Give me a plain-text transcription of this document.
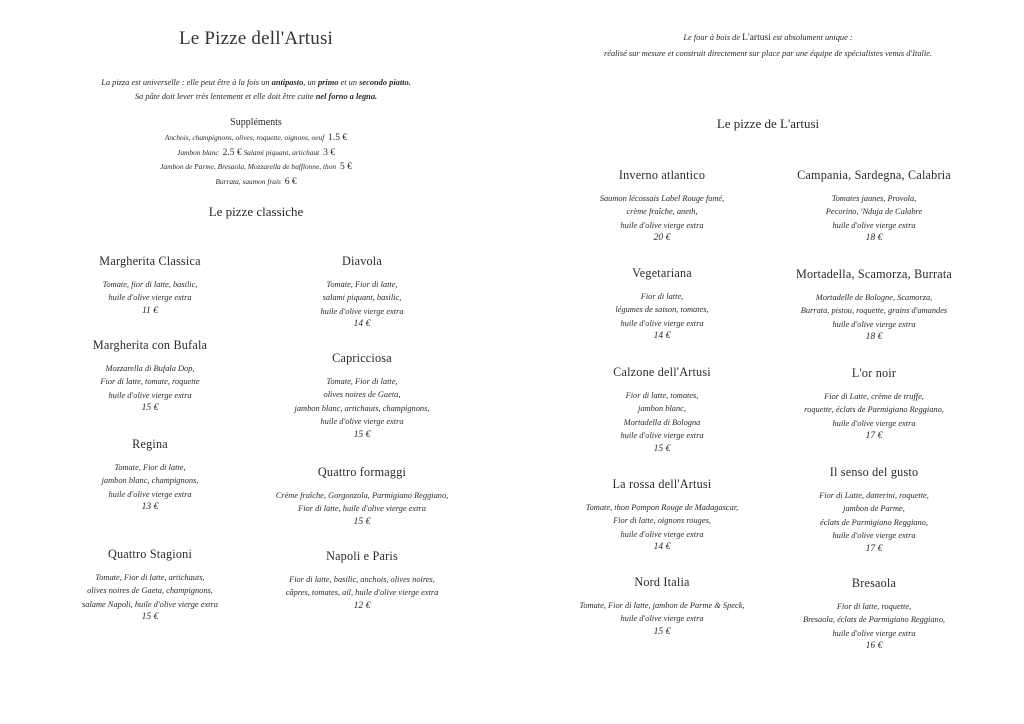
Le Pizze dell'Artusi
La pizza est universelle : elle peut être à la fois un antipasto, un primo et un secondo piatto.
Sa pâte doit lever très lentement et elle doit être cuite nel forno a legna.
Suppléments
Anchois, champignons, olives, roquette, oignons, oeuf 1.5 €
Jambon blanc 2.5 € Salami piquant, artichaut 3 €
Jambon de Parme, Bresaola, Mozzarella de bufflonne, thon 5 €
Burrata, saumon frais 6 €
Le pizze classiche
Margherita Classica
Tomate, fior di latte, basilic,
huile d'olive vierge extra
11 €
Diavola
Tomate, Fior di latte,
salami piquant, basilic,
huile d'olive vierge extra
14 €
Margherita con Bufala
Mozzarella di Bufala Dop,
Fior di latte, tomate, roquette
huile d'olive vierge extra
15 €
Capricciosa
Tomate, Fior di latte,
olives noires de Gaeta,
jambon blanc, artichauts, champignons,
huile d'olive vierge extra
15 €
Regina
Tomate, Fior di latte,
jambon blanc, champignons,
huile d'olive vierge extra
13 €
Quattro formaggi
Crème fraîche, Gorgonzola, Parmigiano Reggiano,
Fior di latte, huile d'olive vierge extra
15 €
Quattro Stagioni
Tomate, Fior di latte, artichauts,
olives noires de Gaeta, champignons,
salame Napoli, huile d'olive vierge extra
15 €
Napoli e Paris
Fior di latte, basilic, anchois, olives noires,
câpres, tomates, ail, huile d'olive vierge extra
12 €
Le four à bois de L'artusi est absolument unique :
réalisé sur mesure et construit directement sur place par une équipe de spécialistes venus d'Italie.
Le pizze de L'artusi
Inverno atlantico
Saumon lécossais Label Rouge fumé,
crème fraîche, aneth,
huile d'olive vierge extra
20 €
Campania, Sardegna, Calabria
Tomates jaunes, Provola,
Pecorino, 'Nduja de Calabre
huile d'olive vierge extra
18 €
Vegetariana
Fior di latte,
légumes de saison, tomates,
huile d'olive vierge extra
14 €
Mortadella, Scamorza, Burrata
Mortadelle de Bologne, Scamorza,
Burrata, pistou, roquette, grains d'amandes
huile d'olive vierge extra
18 €
Calzone dell'Artusi
Fior di latte, tomates,
jambon blanc,
Mortadella di Bologna
huile d'olive vierge extra
15 €
L'or noir
Fior di Latte, crème de truffe,
roquette, éclats de Parmigiano Reggiano,
huile d'olive vierge extra
17 €
La rossa dell'Artusi
Tomate, thon Pompon Rouge de Madagascar,
Fior di latte, oignons rouges,
huile d'olive vierge extra
14 €
Il senso del gusto
Fior di Latte, datterini, roquette,
jambon de Parme,
éclats de Parmigiano Reggiano,
huile d'olive vierge extra
17 €
Nord Italia
Tomate, Fior di latte, jambon de Parme & Speck,
huile d'olive vierge extra
15 €
Bresaola
Fior di latte, roquette,
Bresaola, éclats de Parmigiano Reggiano,
huile d'olive vierge extra
16 €
